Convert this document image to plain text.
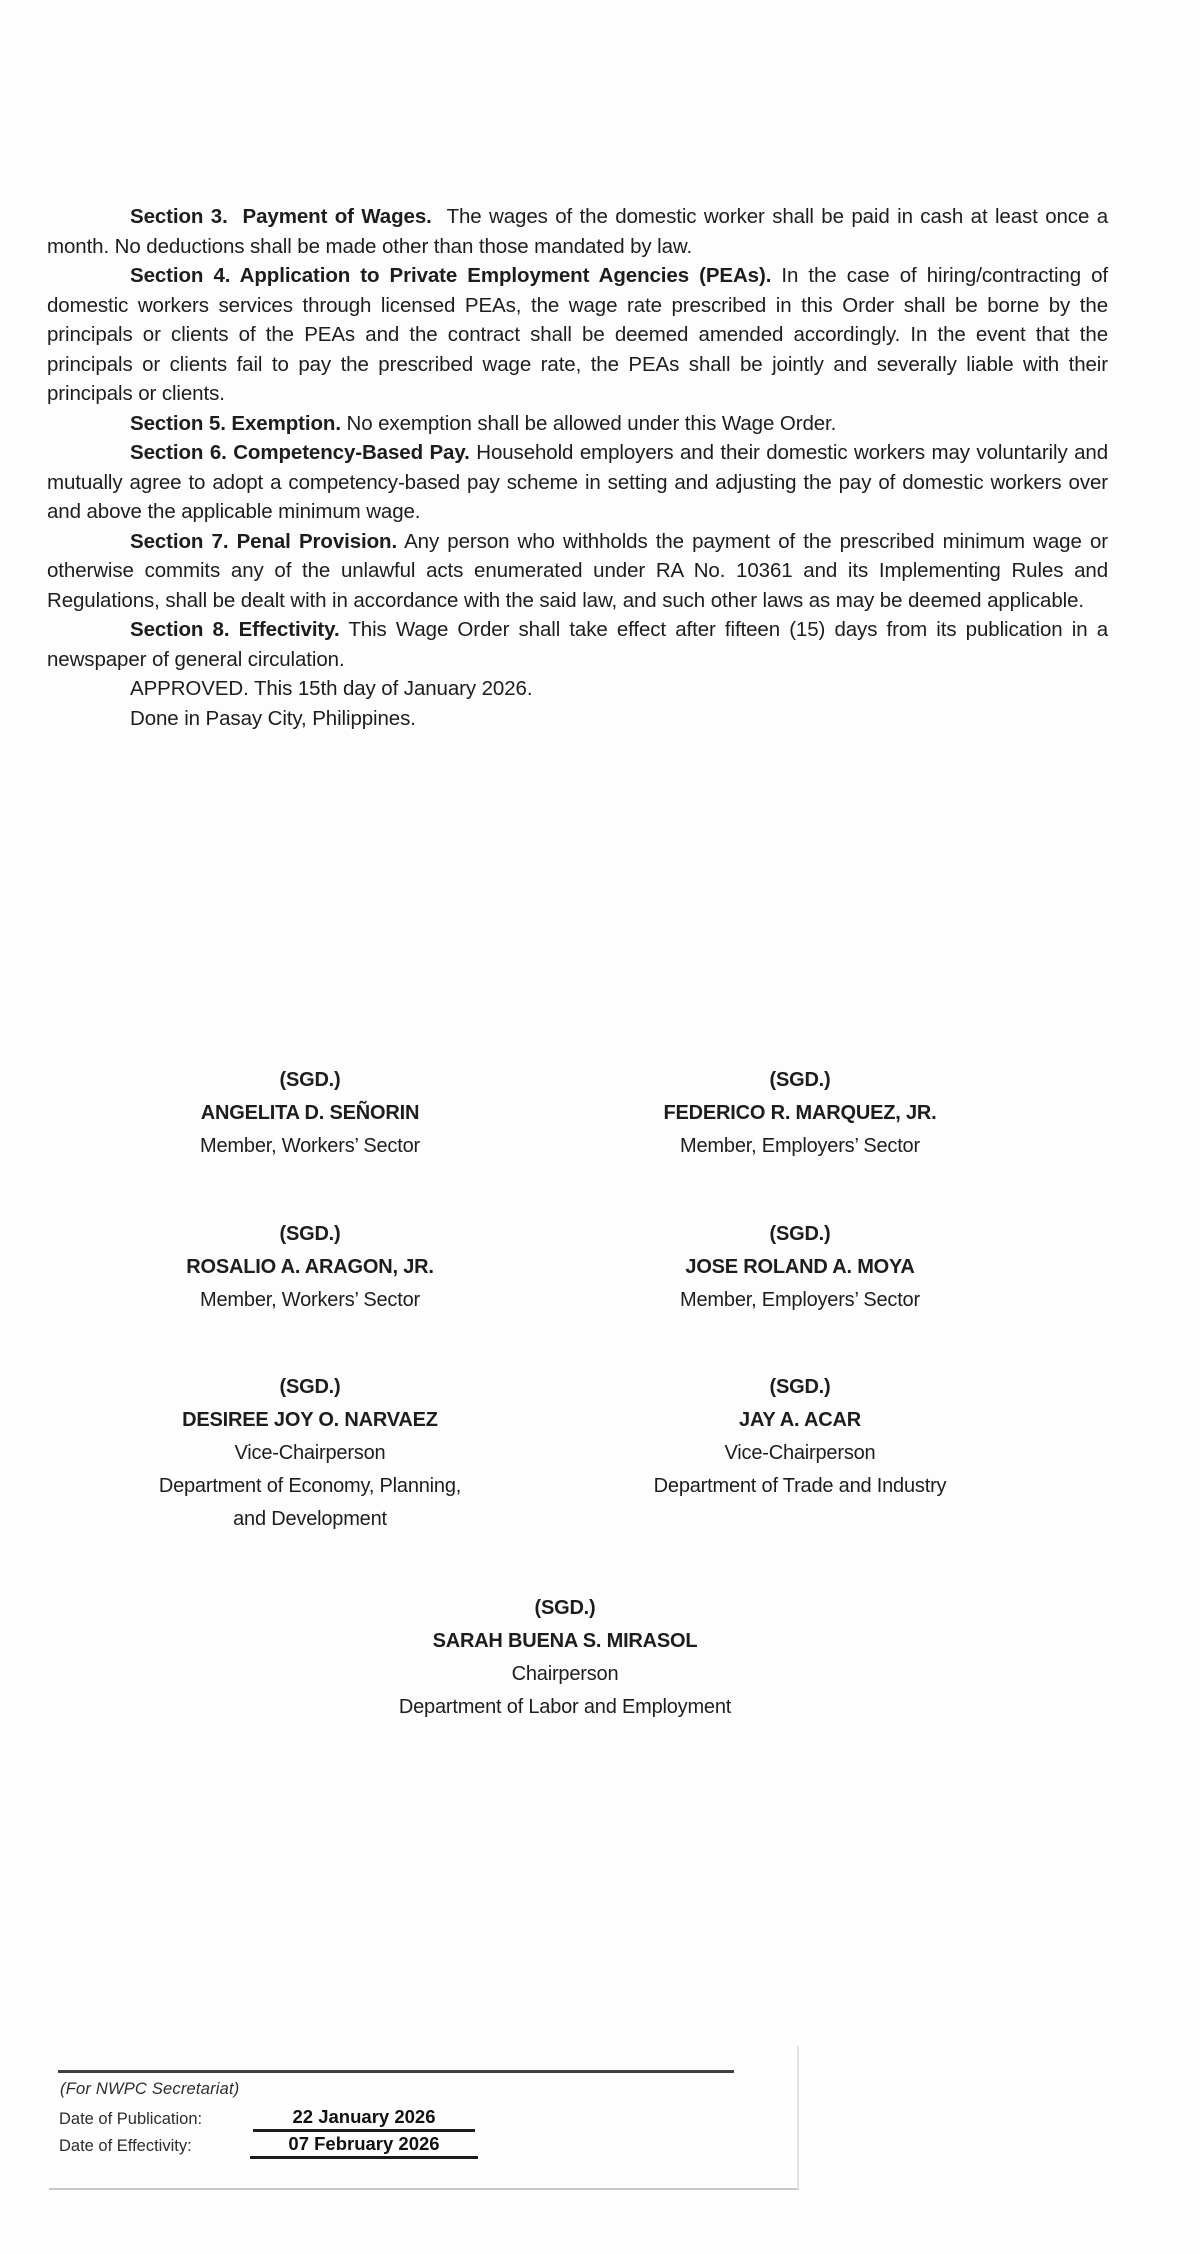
Section 3.  Payment of Wages.  The wages of the domestic worker shall be paid in cash at least once a month. No deductions shall be made other than those mandated by law.

Section 4. Application to Private Employment Agencies (PEAs). In the case of hiring/contracting of domestic workers services through licensed PEAs, the wage rate prescribed in this Order shall be borne by the principals or clients of the PEAs and the contract shall be deemed amended accordingly. In the event that the principals or clients fail to pay the prescribed wage rate, the PEAs shall be jointly and severally liable with their principals or clients.

Section 5. Exemption. No exemption shall be allowed under this Wage Order.

Section 6. Competency-Based Pay. Household employers and their domestic workers may voluntarily and mutually agree to adopt a competency-based pay scheme in setting and adjusting the pay of domestic workers over and above the applicable minimum wage.

Section 7. Penal Provision. Any person who withholds the payment of the prescribed minimum wage or otherwise commits any of the unlawful acts enumerated under RA No. 10361 and its Implementing Rules and Regulations, shall be dealt with in accordance with the said law, and such other laws as may be deemed applicable.

Section 8. Effectivity. This Wage Order shall take effect after fifteen (15) days from its publication in a newspaper of general circulation.

APPROVED. This 15th day of January 2026.

Done in Pasay City, Philippines.

(SGD.)
ANGELITA D. SEÑORIN
Member, Workers’ Sector
(SGD.)
FEDERICO R. MARQUEZ, JR.
Member, Employers’ Sector
(SGD.)
ROSALIO A. ARAGON, JR.
Member, Workers’ Sector
(SGD.)
JOSE ROLAND A. MOYA
Member, Employers’ Sector
(SGD.)
DESIREE JOY O. NARVAEZ
Vice-Chairperson
Department of Economy, Planning,
and Development
(SGD.)
JAY A. ACAR
Vice-Chairperson
Department of Trade and Industry
(SGD.)
SARAH BUENA S. MIRASOL
Chairperson
Department of Labor and Employment
(For NWPC Secretariat)
Date of Publication:	22 January 2026
Date of Effectivity:	07 February 2026
